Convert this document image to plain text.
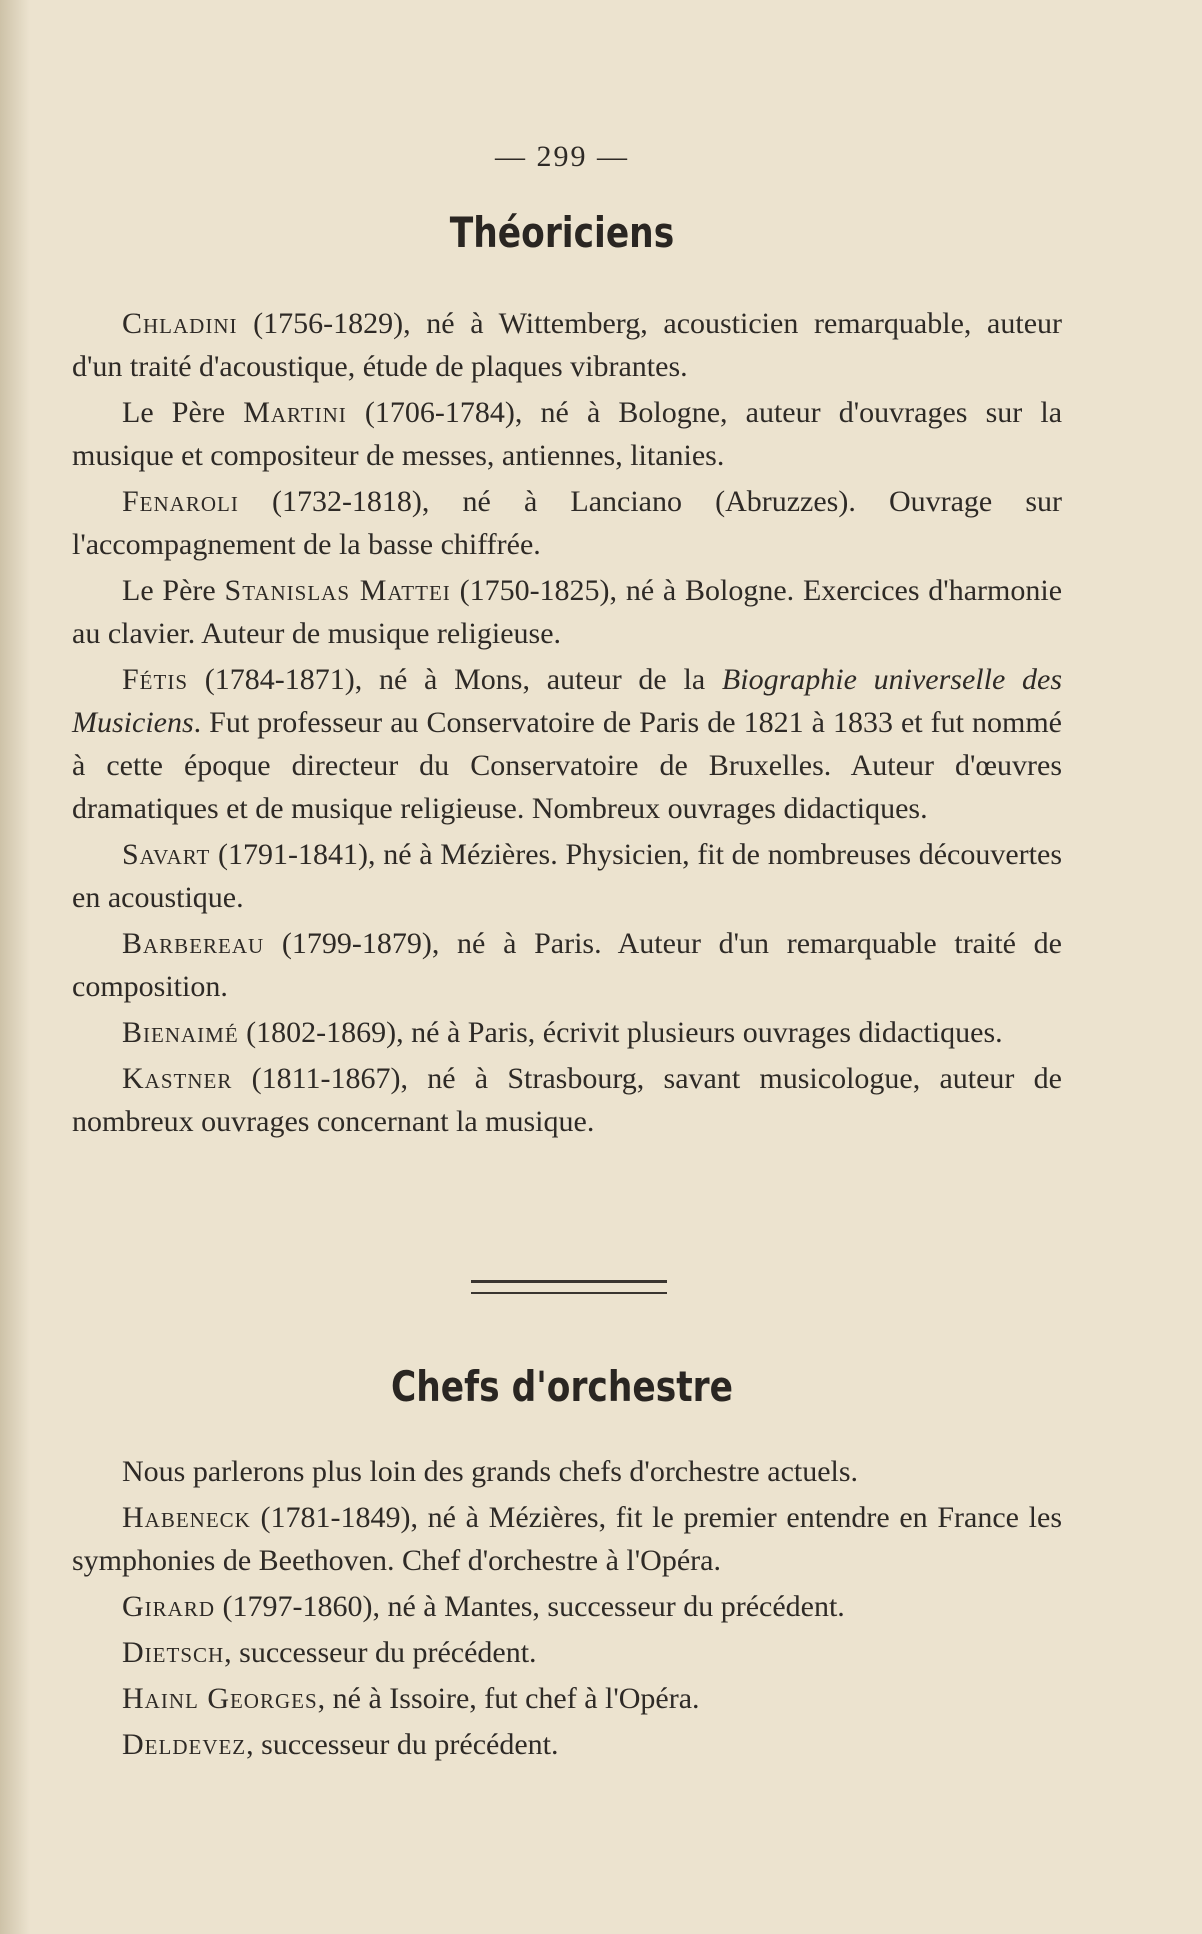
— 299 —
Théoriciens

Chladini (1756-1829), né à Wittemberg, acousticien remarquable, auteur d'un traité d'acoustique, étude de plaques vibrantes.

Le Père Martini (1706-1784), né à Bologne, auteur d'ouvrages sur la musique et compositeur de messes, antiennes, litanies.

Fenaroli (1732-1818), né à Lanciano (Abruzzes). Ouvrage sur l'accompagnement de la basse chiffrée.

Le Père Stanislas Mattei (1750-1825), né à Bologne. Exercices d'harmonie au clavier. Auteur de musique religieuse.

Fétis (1784-1871), né à Mons, auteur de la Biographie universelle des Musiciens. Fut professeur au Conservatoire de Paris de 1821 à 1833 et fut nommé à cette époque directeur du Conservatoire de Bruxelles. Auteur d'œuvres dramatiques et de musique religieuse. Nombreux ouvrages didactiques.

Savart (1791-1841), né à Mézières. Physicien, fit de nombreuses découvertes en acoustique.

Barbereau (1799-1879), né à Paris. Auteur d'un remarquable traité de composition.

Bienaimé (1802-1869), né à Paris, écrivit plusieurs ouvrages didactiques.

Kastner (1811-1867), né à Strasbourg, savant musicologue, auteur de nombreux ouvrages concernant la musique.

Chefs d'orchestre

Nous parlerons plus loin des grands chefs d'orchestre actuels.

Habeneck (1781-1849), né à Mézières, fit le premier entendre en France les symphonies de Beethoven. Chef d'orchestre à l'Opéra.

Girard (1797-1860), né à Mantes, successeur du précédent.

Dietsch, successeur du précédent.

Hainl Georges, né à Issoire, fut chef à l'Opéra.

Deldevez, successeur du précédent.
